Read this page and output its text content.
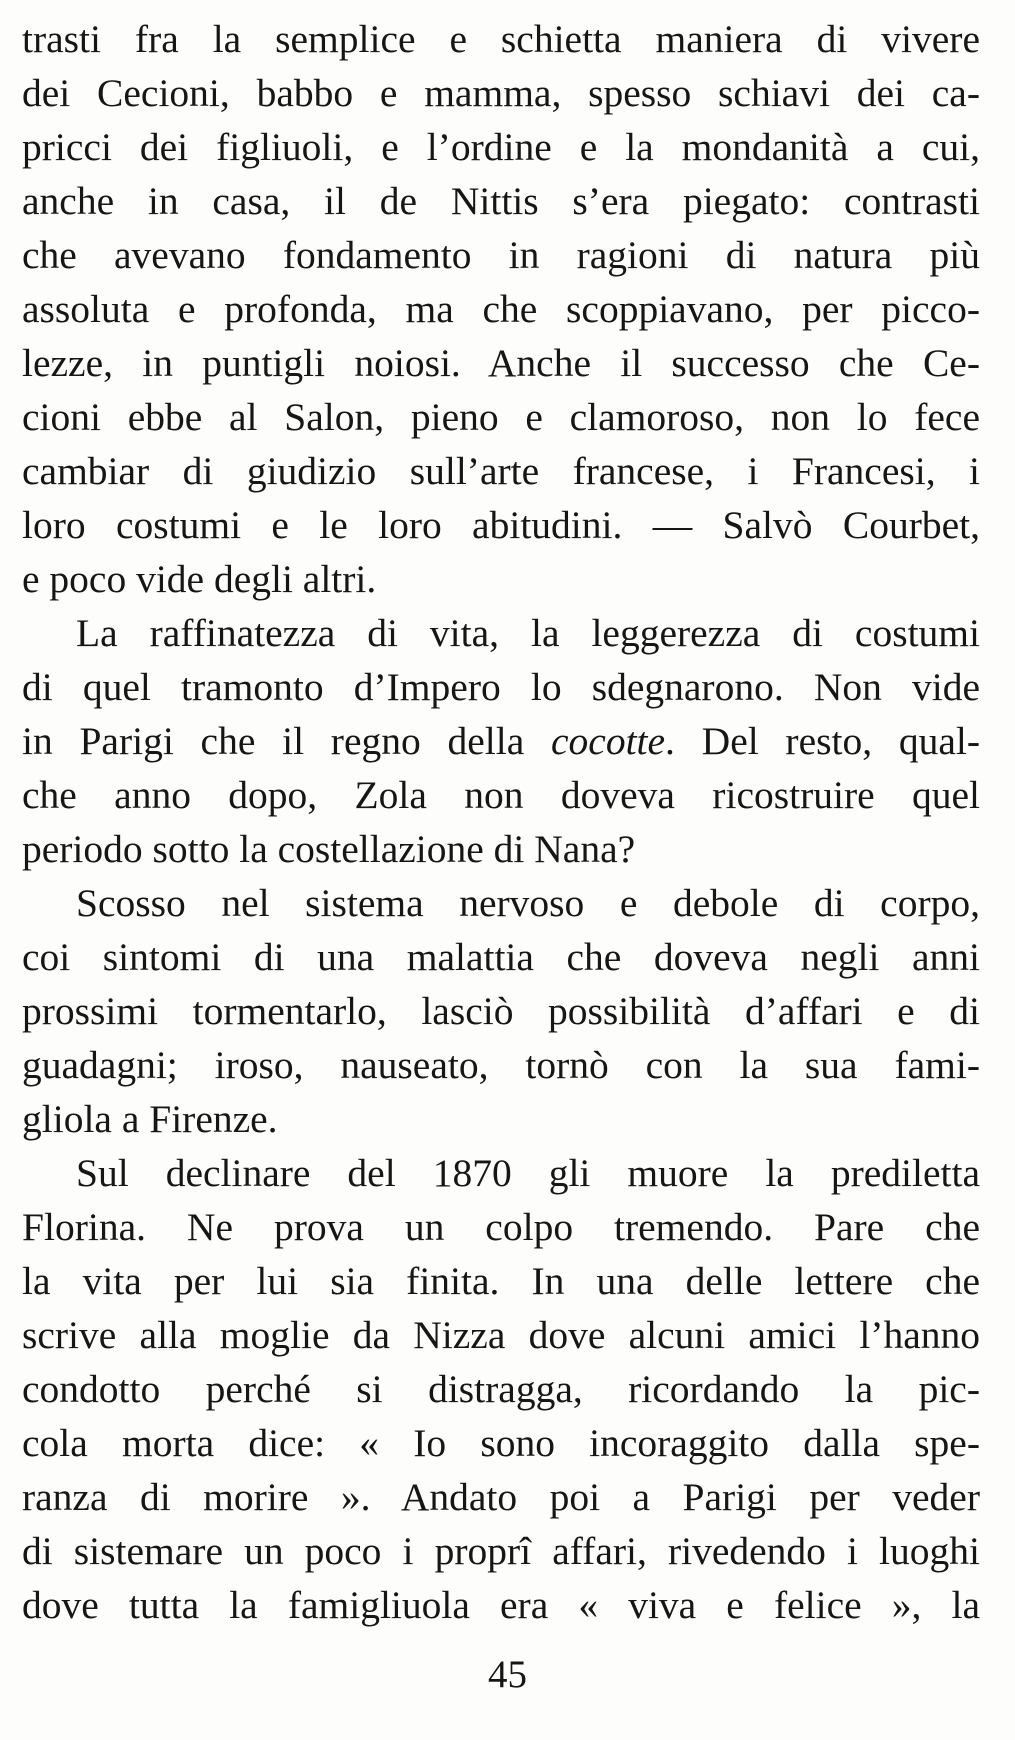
trasti fra la semplice e schietta maniera di vivere
dei Cecioni, babbo e mamma, spesso schiavi dei ca-
pricci dei figliuoli, e l’ordine e la mondanità a cui,
anche in casa, il de Nittis s’era piegato: contrasti
che avevano fondamento in ragioni di natura più
assoluta e profonda, ma che scoppiavano, per picco-
lezze, in puntigli noiosi. Anche il successo che Ce-
cioni ebbe al Salon, pieno e clamoroso, non lo fece
cambiar di giudizio sull’arte francese, i Francesi, i
loro costumi e le loro abitudini. — Salvò Courbet,
e poco vide degli altri.
La raffinatezza di vita, la leggerezza di costumi
di quel tramonto d’Impero lo sdegnarono. Non vide
in Parigi che il regno della cocotte. Del resto, qual-
che anno dopo, Zola non doveva ricostruire quel
periodo sotto la costellazione di Nana?
Scosso nel sistema nervoso e debole di corpo,
coi sintomi di una malattia che doveva negli anni
prossimi tormentarlo, lasciò possibilità d’affari e di
guadagni; iroso, nauseato, tornò con la sua fami-
gliola a Firenze.
Sul declinare del 1870 gli muore la prediletta
Florina. Ne prova un colpo tremendo. Pare che
la vita per lui sia finita. In una delle lettere che
scrive alla moglie da Nizza dove alcuni amici l’hanno
condotto perché si distragga, ricordando la pic-
cola morta dice: « Io sono incoraggito dalla spe-
ranza di morire ». Andato poi a Parigi per veder
di sistemare un poco i proprî affari, rivedendo i luoghi
dove tutta la famigliuola era « viva e felice », la
45
